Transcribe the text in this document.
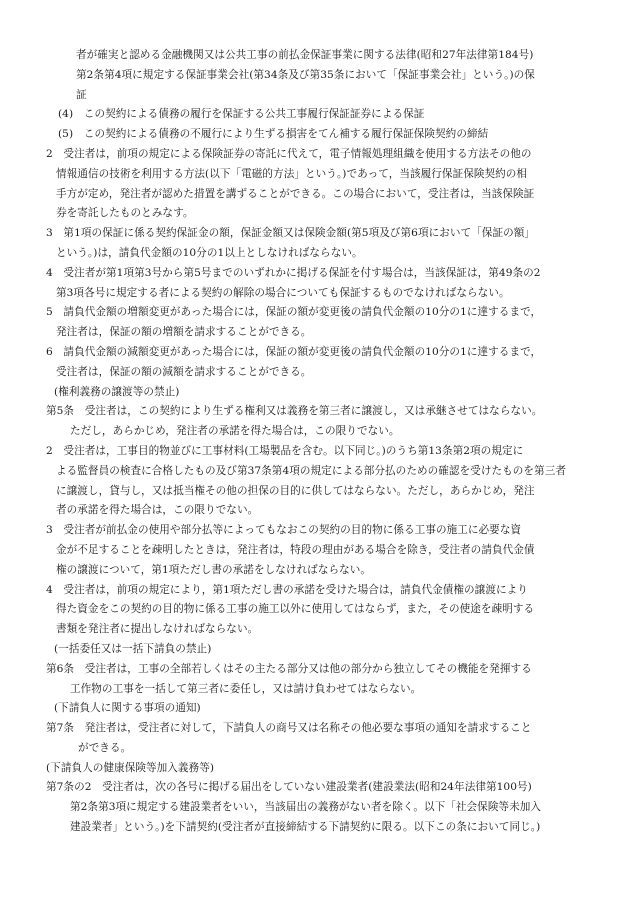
者が確実と認める金融機関又は公共工事の前払金保証事業に関する法律(昭和27年法律第184号)
第2条第4項に規定する保証事業会社(第34条及び第35条において「保証事業会社」という。)の保
証
(4)　この契約による債務の履行を保証する公共工事履行保証証券による保証
(5)　この契約による債務の不履行により生ずる損害をてん補する履行保証保険契約の締結
2　受注者は，前項の規定による保険証券の寄託に代えて，電子情報処理組織を使用する方法その他の
情報通信の技術を利用する方法(以下「電磁的方法」という。)であって，当該履行保証保険契約の相
手方が定め，発注者が認めた措置を講ずることができる。この場合において，受注者は，当該保険証
券を寄託したものとみなす。
3　第1項の保証に係る契約保証金の額，保証金額又は保険金額(第5項及び第6項において「保証の額」
という。)は，請負代金額の10分の1以上としなければならない。
4　受注者が第1項第3号から第5号までのいずれかに掲げる保証を付す場合は，当該保証は，第49条の2
第3項各号に規定する者による契約の解除の場合についても保証するものでなければならない。
5　請負代金額の増額変更があった場合には，保証の額が変更後の請負代金額の10分の1に達するまで，
発注者は，保証の額の増額を請求することができる。
6　請負代金額の減額変更があった場合には，保証の額が変更後の請負代金額の10分の1に達するまで，
受注者は，保証の額の減額を請求することができる。
(権利義務の譲渡等の禁止)
第5条　受注者は，この契約により生ずる権利又は義務を第三者に譲渡し，又は承継させてはならない。
ただし，あらかじめ，発注者の承諾を得た場合は，この限りでない。
2　受注者は，工事目的物並びに工事材料(工場製品を含む。以下同じ。)のうち第13条第2項の規定に
よる監督員の検査に合格したもの及び第37条第4項の規定による部分払のための確認を受けたものを第三者
に譲渡し，貸与し，又は抵当権その他の担保の目的に供してはならない。ただし，あらかじめ，発注
者の承諾を得た場合は，この限りでない。
3　受注者が前払金の使用や部分払等によってもなおこの契約の目的物に係る工事の施工に必要な資
金が不足することを疎明したときは，発注者は，特段の理由がある場合を除き，受注者の請負代金債
権の譲渡について，第1項ただし書の承諾をしなければならない。
4　受注者は，前項の規定により，第1項ただし書の承諾を受けた場合は，請負代金債権の譲渡により
得た資金をこの契約の目的物に係る工事の施工以外に使用してはならず，また，その使途を疎明する
書類を発注者に提出しなければならない。
(一括委任又は一括下請負の禁止)
第6条　受注者は，工事の全部若しくはその主たる部分又は他の部分から独立してその機能を発揮する
工作物の工事を一括して第三者に委任し，又は請け負わせてはならない。
(下請負人に関する事項の通知)
第7条　発注者は，受注者に対して，下請負人の商号又は名称その他必要な事項の通知を請求すること
ができる。
(下請負人の健康保険等加入義務等)
第7条の2　受注者は，次の各号に掲げる届出をしていない建設業者(建設業法(昭和24年法律第100号)
第2条第3項に規定する建設業者をいい，当該届出の義務がない者を除く。以下「社会保険等未加入
建設業者」という。)を下請契約(受注者が直接締結する下請契約に限る。以下この条において同じ。)
